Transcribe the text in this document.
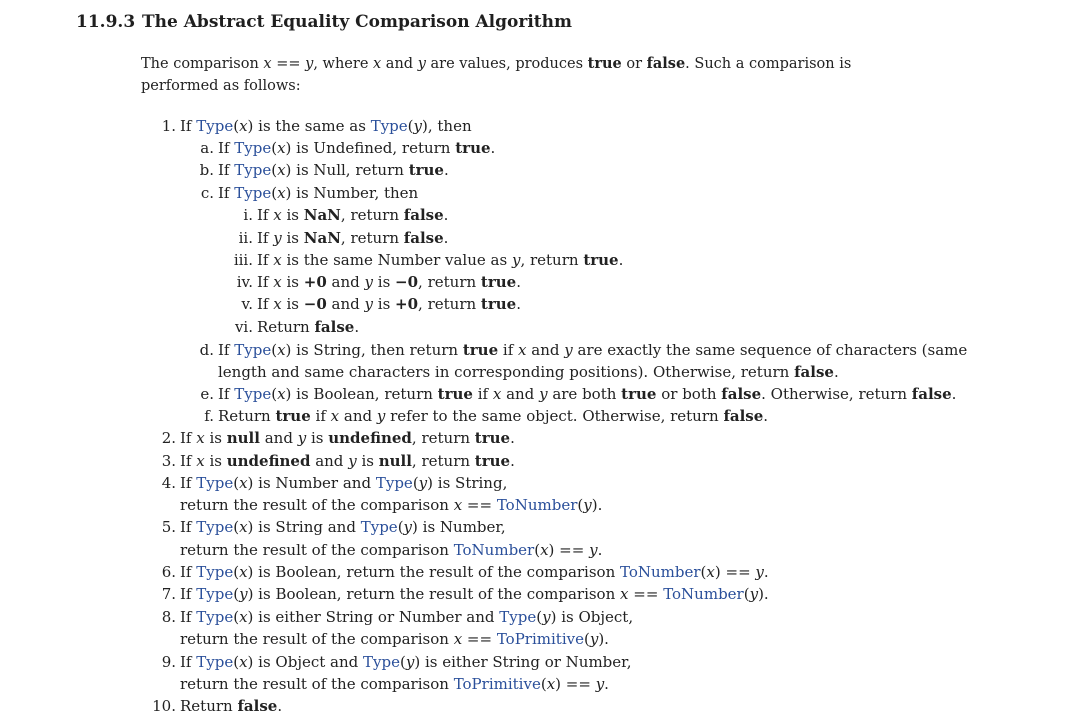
11.9.3 The Abstract Equality Comparison Algorithm
The comparison x == y, where x and y are values, produces true or false. Such a comparison is performed as follows:
1. If Type(x) is the same as Type(y), then
a. If Type(x) is Undefined, return true.
b. If Type(x) is Null, return true.
c. If Type(x) is Number, then
i. If x is NaN, return false.
ii. If y is NaN, return false.
iii. If x is the same Number value as y, return true.
iv. If x is +0 and y is −0, return true.
v. If x is −0 and y is +0, return true.
vi. Return false.
d. If Type(x) is String, then return true if x and y are exactly the same sequence of characters (same
length and same characters in corresponding positions). Otherwise, return false.
e. If Type(x) is Boolean, return true if x and y are both true or both false. Otherwise, return false.
f. Return true if x and y refer to the same object. Otherwise, return false.
2. If x is null and y is undefined, return true.
3. If x is undefined and y is null, return true.
4. If Type(x) is Number and Type(y) is String,
return the result of the comparison x == ToNumber(y).
5. If Type(x) is String and Type(y) is Number,
return the result of the comparison ToNumber(x) == y.
6. If Type(x) is Boolean, return the result of the comparison ToNumber(x) == y.
7. If Type(y) is Boolean, return the result of the comparison x == ToNumber(y).
8. If Type(x) is either String or Number and Type(y) is Object,
return the result of the comparison x == ToPrimitive(y).
9. If Type(x) is Object and Type(y) is either String or Number,
return the result of the comparison ToPrimitive(x) == y.
10. Return false.
